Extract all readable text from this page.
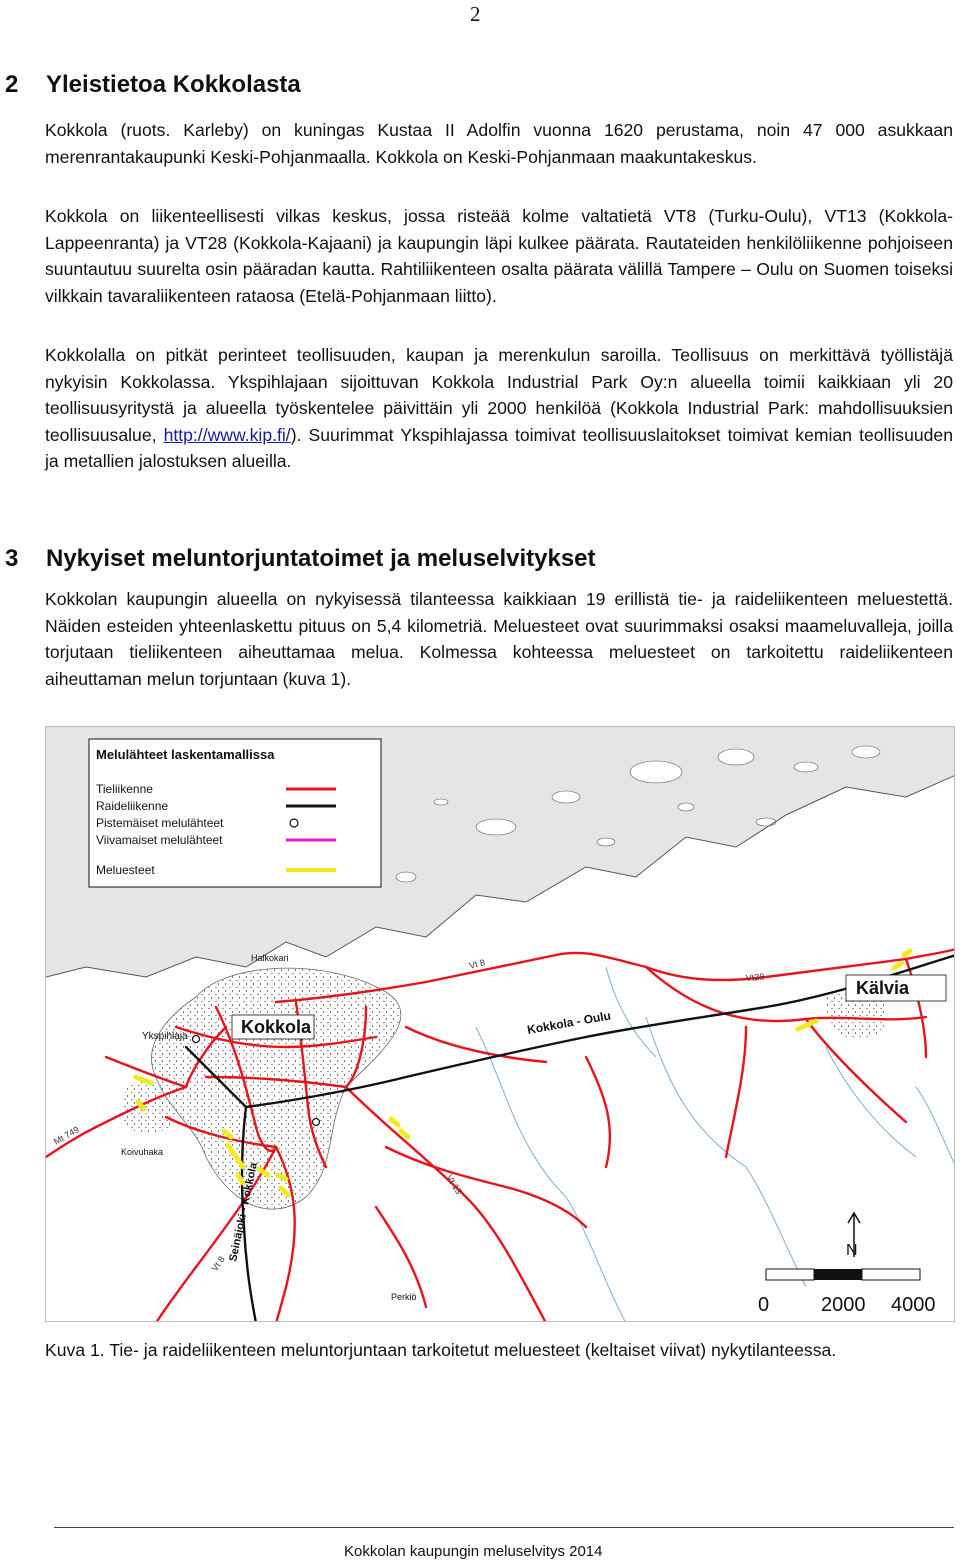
2
2 Yleistietoa Kokkolasta

Kokkola (ruots. Karleby) on kuningas Kustaa II Adolfin vuonna 1620 perustama, noin 47 000 asukkaan merenrantakaupunki Keski-Pohjanmaalla. Kokkola on Keski-Pohjanmaan maakuntakeskus.

Kokkola on liikenteellisesti vilkas keskus, jossa risteää kolme valtatietä VT8 (Turku-Oulu), VT13 (Kokkola-Lappeenranta) ja VT28 (Kokkola-Kajaani) ja kaupungin läpi kulkee päärata. Rautateiden henkilöliikenne pohjoiseen suuntautuu suurelta osin pääradan kautta. Rahtiliikenteen osalta päärata välillä Tampere – Oulu on Suomen toiseksi vilkkain tavaraliikenteen rataosa (Etelä-Pohjanmaan liitto).

Kokkolalla on pitkät perinteet teollisuuden, kaupan ja merenkulun saroilla. Teollisuus on merkittävä työllistäjä nykyisin Kokkolassa. Ykspihlajaan sijoittuvan Kokkola Industrial Park Oy:n alueella toimii kaikkiaan yli 20 teollisuusyritystä ja alueella työskentelee päivittäin yli 2000 henkilöä (Kokkola Industrial Park: mahdollisuuksien teollisuusalue, http://www.kip.fi/). Suurimmat Ykspihlajassa toimivat teollisuuslaitokset toimivat kemian teollisuuden ja metallien jalostuksen alueilla.

3 Nykyiset meluntorjuntatoimet ja meluselvitykset

Kokkolan kaupungin alueella on nykyisessä tilanteessa kaikkiaan 19 erillistä tie- ja raideliikenteen meluestettä. Näiden esteiden yhteenlaskettu pituus on 5,4 kilometriä. Meluesteet ovat suurimmaksi osaksi maameluvalleja, joilla torjutaan tieliikenteen aiheuttamaa melua. Kolmessa kohteessa meluesteet on tarkoitettu raideliikenteen aiheuttaman melun torjuntaan (kuva 1).

Vt 8
Vt28
Mt 749
Vt 8
Vt 13
Kokkola - Oulu
Seinäjoki - Kokkola
Kokkola
Kälvia
Ykspihlaja
Halkokari
Koivuhaka
Perkiö
Melulähteet laskentamallissa
Tieliikenne
Raideliikenne
Pistemäiset melulähteet
Viivamaiset melulähteet
Meluesteet
N
0	2000 4000

Kuva 1. Tie- ja raideliikenteen meluntorjuntaan tarkoitetut meluesteet (keltaiset viivat) nykytilanteessa.

Kokkolan kaupungin meluselvitys 2014
